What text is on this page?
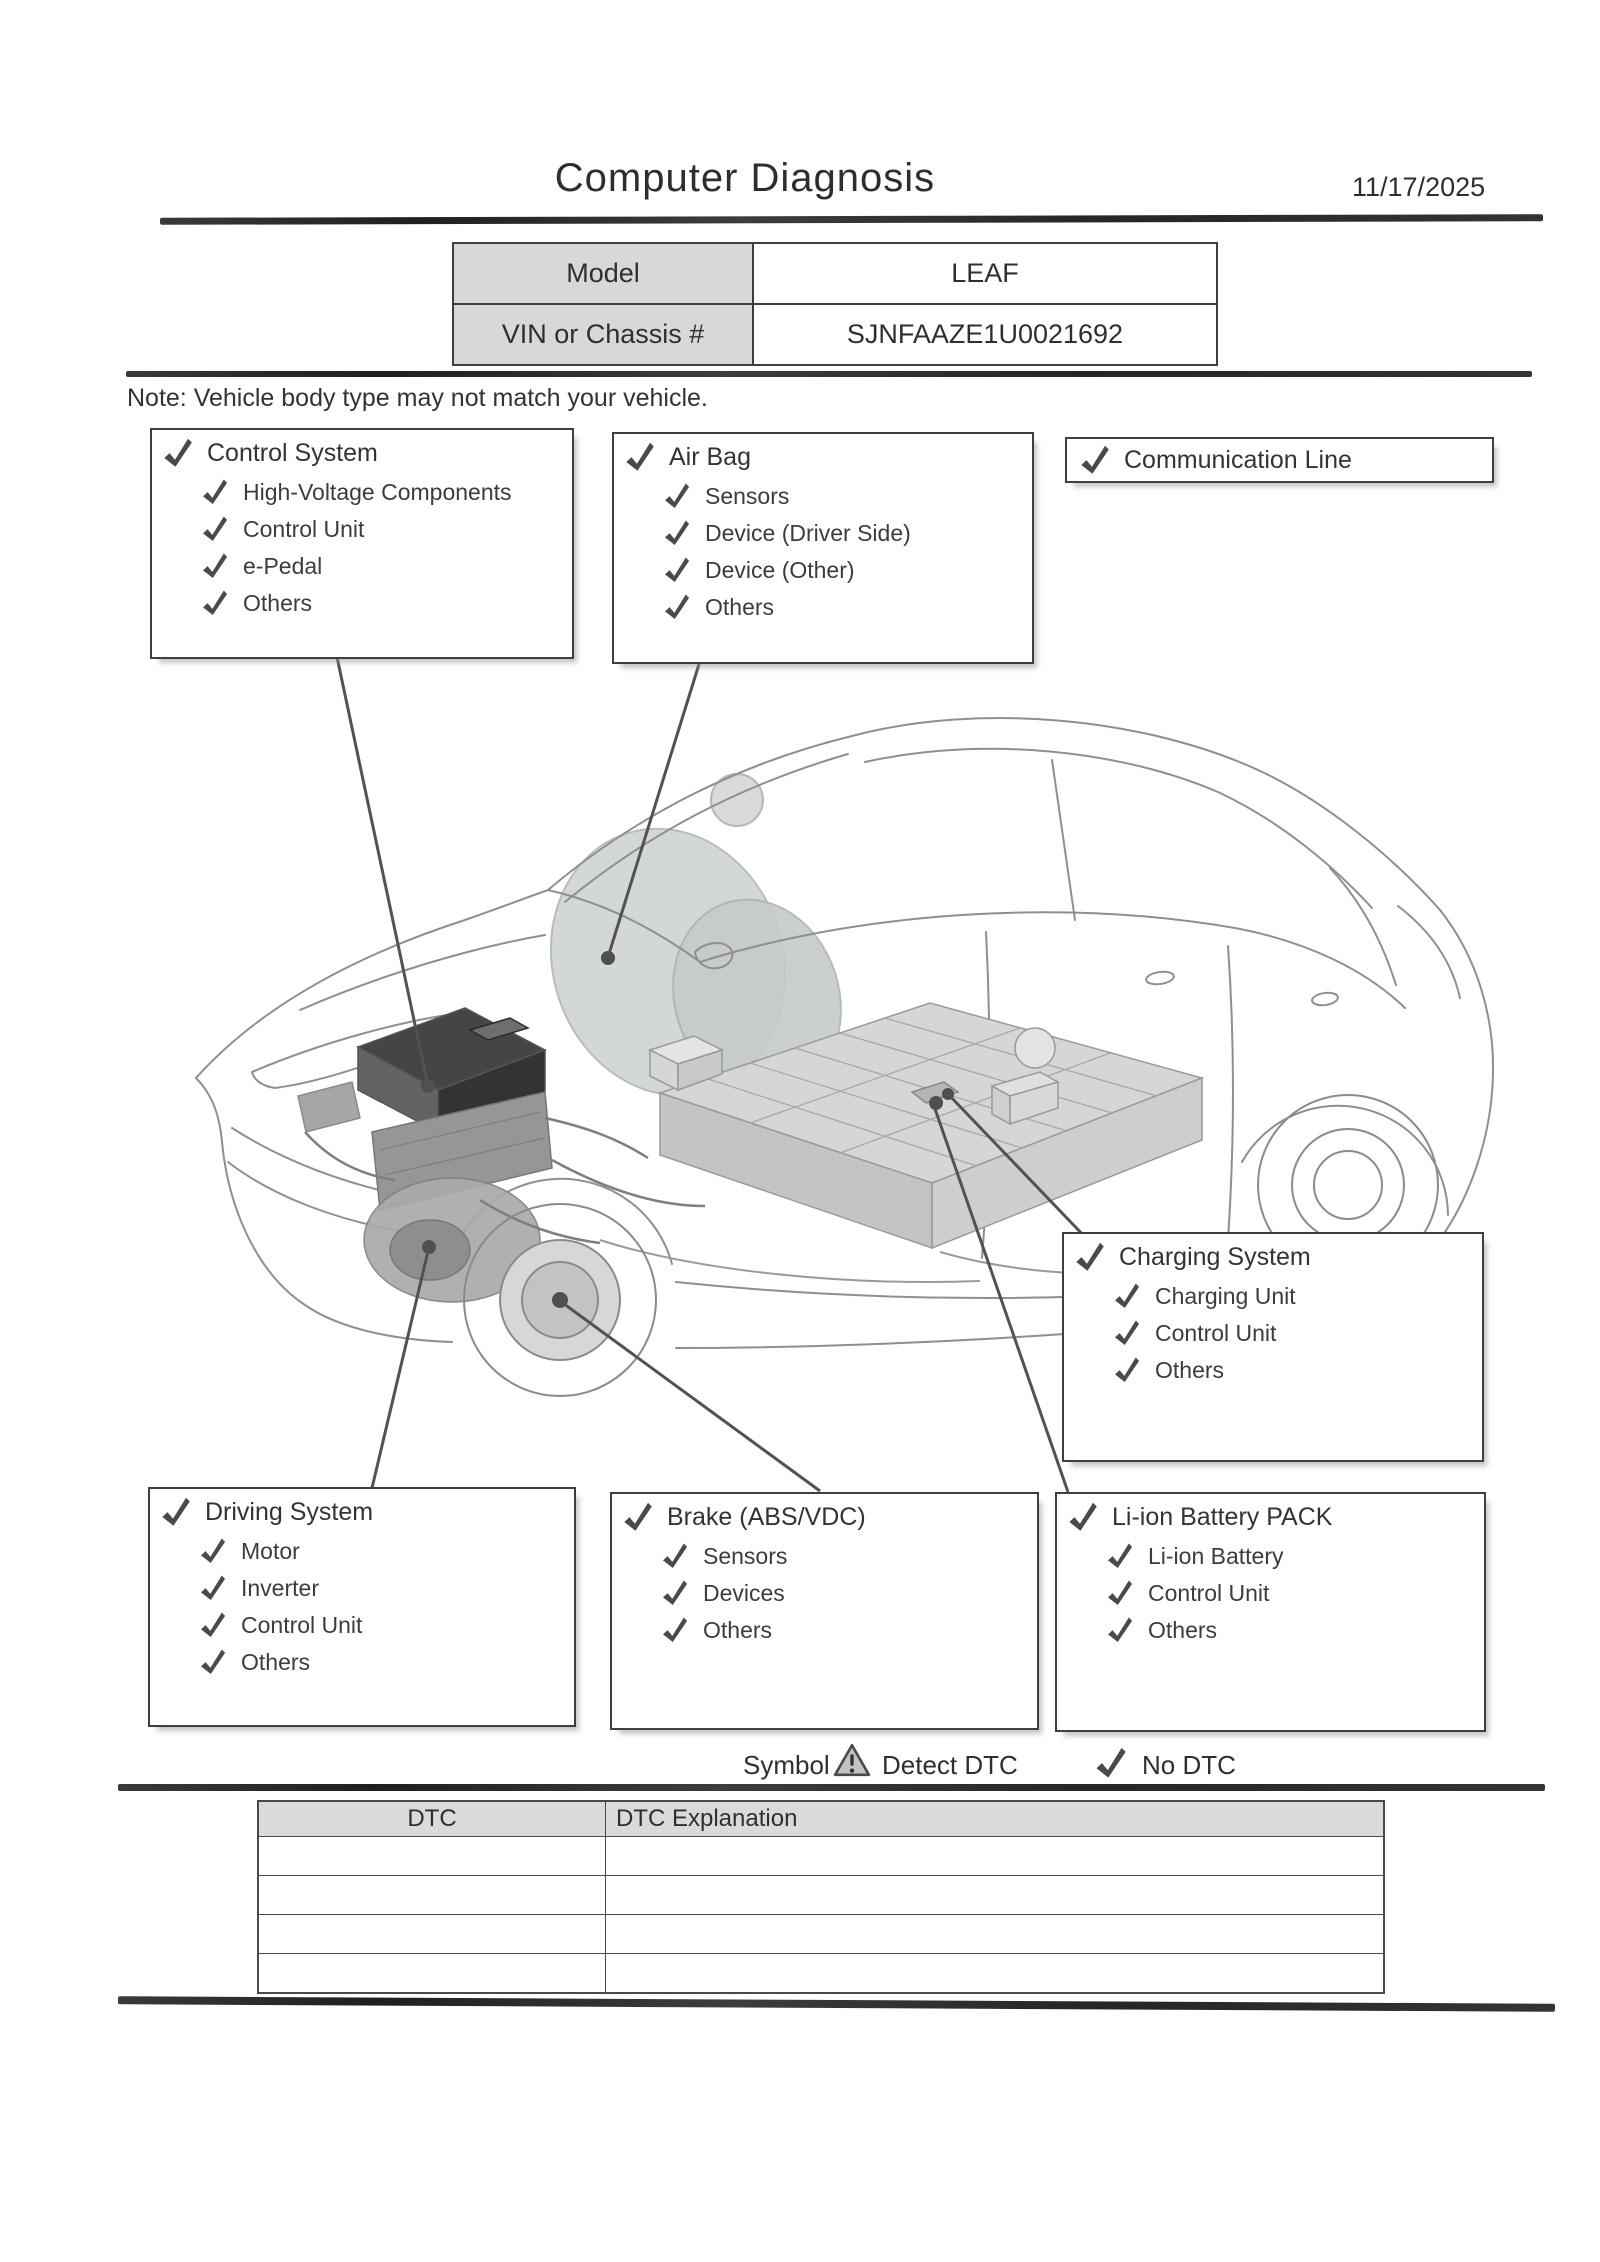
Computer Diagnosis	11/17/2025
Model	LEAF
VIN or Chassis #	SJNFAAZE1U0021692
Note: Vehicle body type may not match your vehicle.
Control System
High-Voltage Components
Control Unit
e-Pedal
Others
Air Bag
Sensors
Device (Driver Side)
Device (Other)
Others
Communication Line
Charging System
Charging Unit
Control Unit
Others
Driving System
Motor
Inverter
Control Unit
Others
Brake (ABS/VDC)
Sensors
Devices
Others
Li-ion Battery PACK
Li-ion Battery
Control Unit
Others
Symbol Detect DTC	No DTC
DTC	DTC Explanation
